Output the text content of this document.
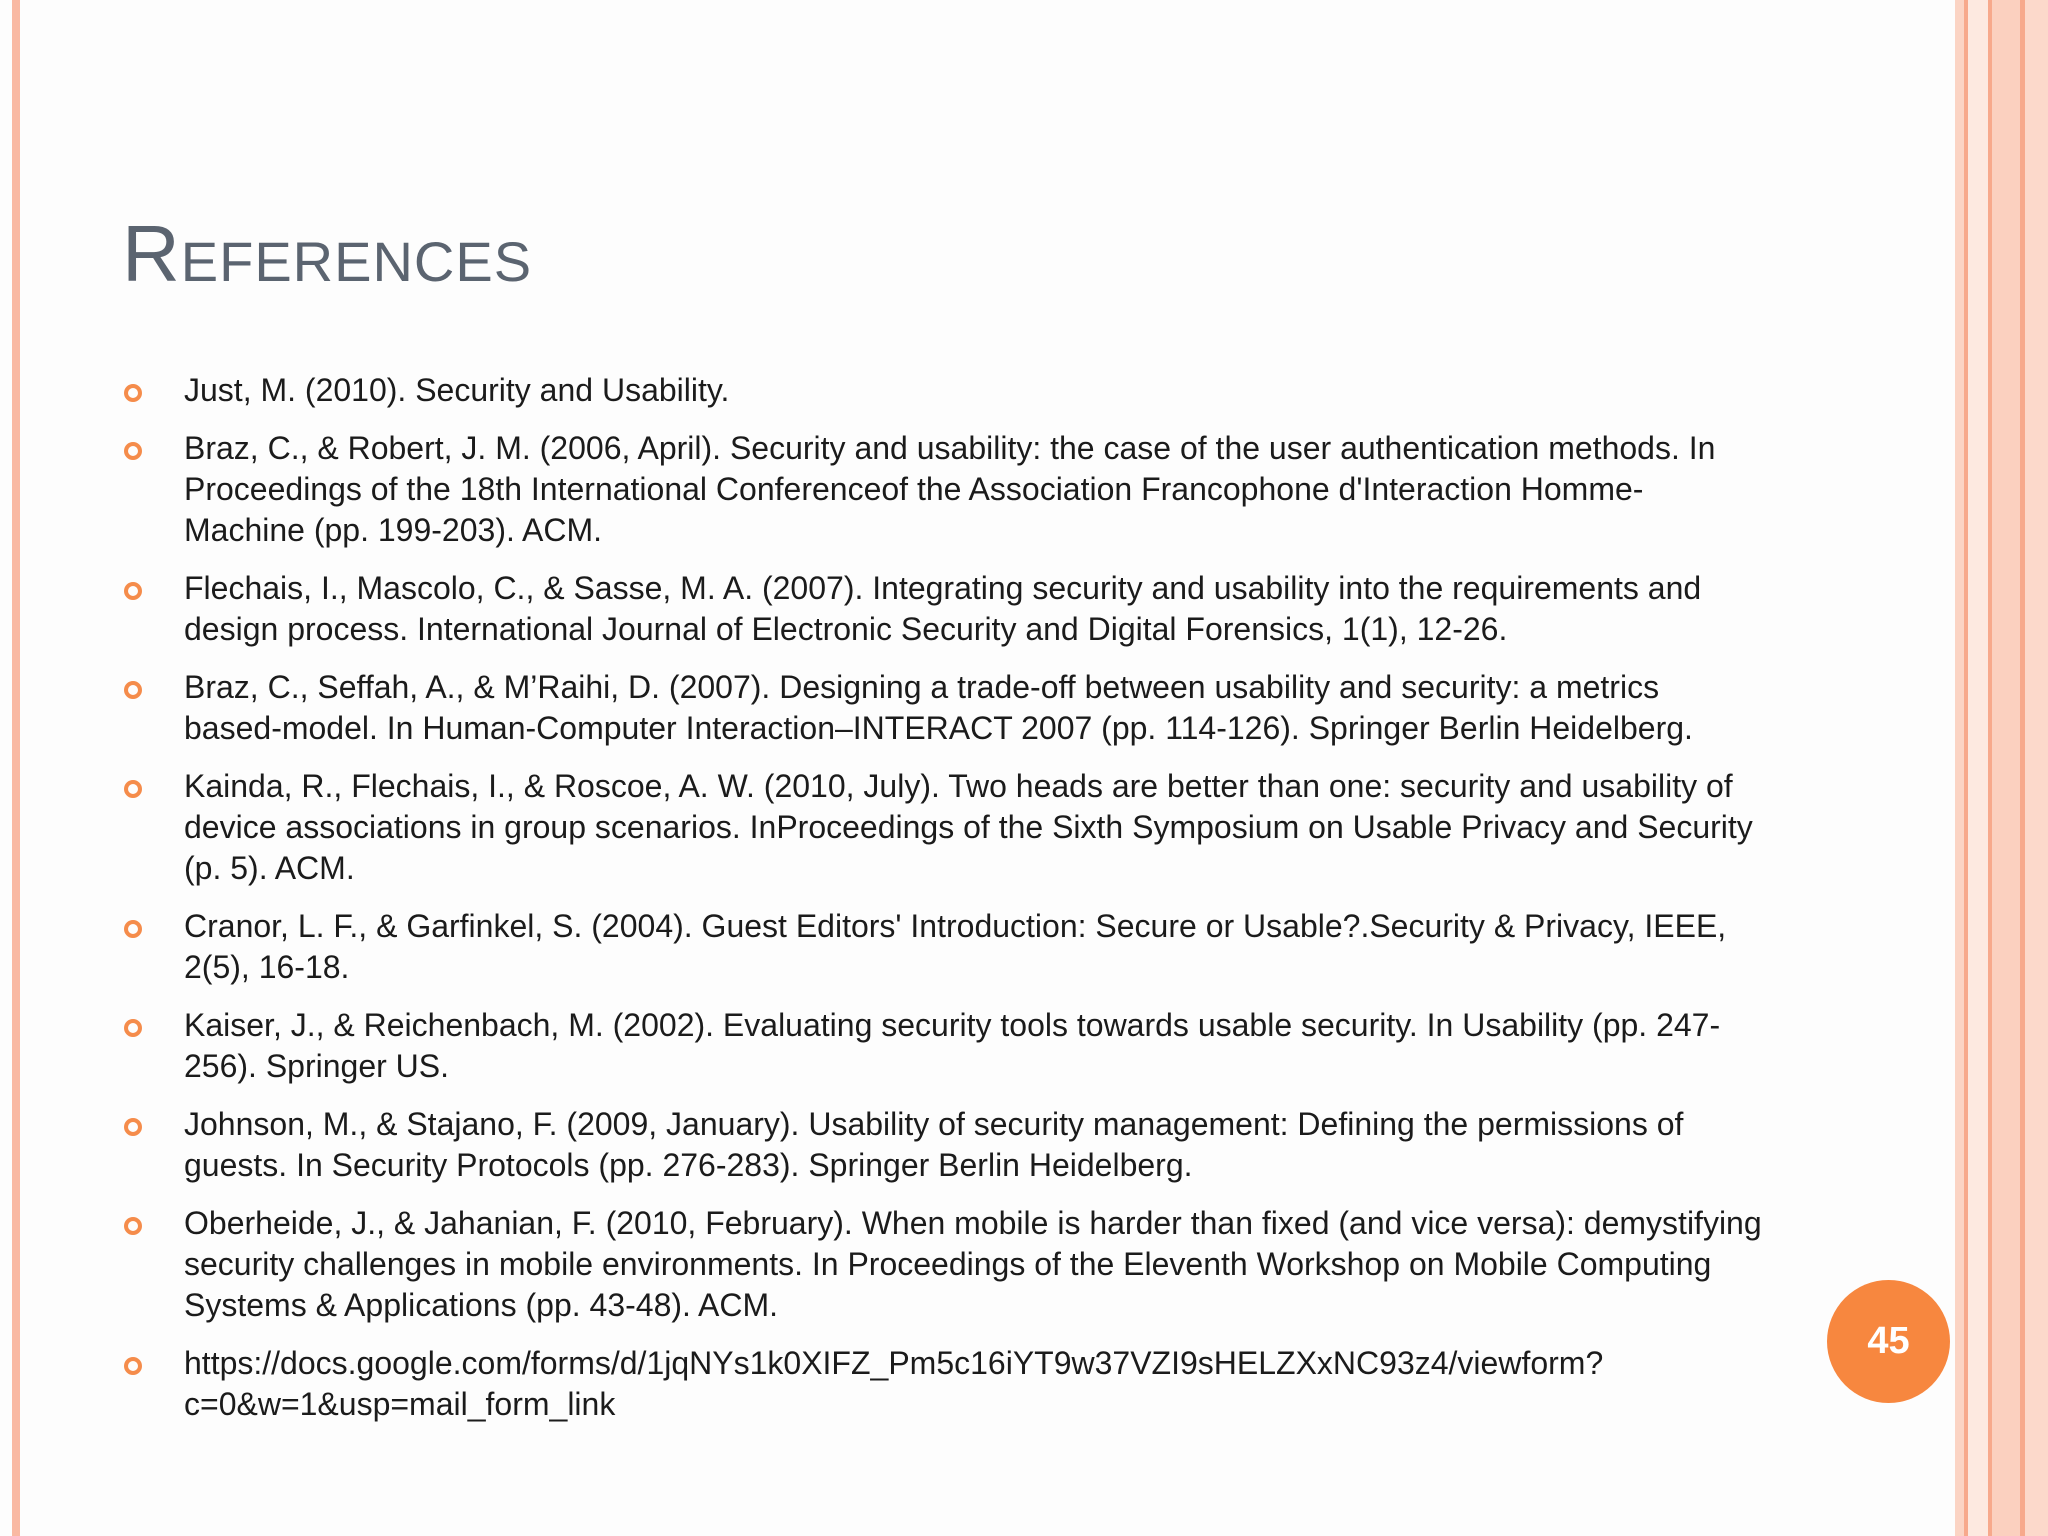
References
Just, M. (2010). Security and Usability.
Braz, C., & Robert, J. M. (2006, April). Security and usability: the case of the user authentication methods. In Proceedings of the 18th International Conferenceof the Association Francophone d'Interaction Homme-Machine (pp. 199-203). ACM.
Flechais, I., Mascolo, C., & Sasse, M. A. (2007). Integrating security and usability into the requirements and design process. International Journal of Electronic Security and Digital Forensics, 1(1), 12-26.
Braz, C., Seffah, A., & M’Raihi, D. (2007). Designing a trade-off between usability and security: a metrics based-model. In Human-Computer Interaction–INTERACT 2007 (pp. 114-126). Springer Berlin Heidelberg.
Kainda, R., Flechais, I., & Roscoe, A. W. (2010, July). Two heads are better than one: security and usability of device associations in group scenarios. InProceedings of the Sixth Symposium on Usable Privacy and Security (p. 5). ACM.
Cranor, L. F., & Garfinkel, S. (2004). Guest Editors' Introduction: Secure or Usable?.Security & Privacy, IEEE, 2(5), 16-18.
Kaiser, J., & Reichenbach, M. (2002). Evaluating security tools towards usable security. In Usability (pp. 247-256). Springer US.
Johnson, M., & Stajano, F. (2009, January). Usability of security management: Defining the permissions of guests. In Security Protocols (pp. 276-283). Springer Berlin Heidelberg.
Oberheide, J., & Jahanian, F. (2010, February). When mobile is harder than fixed (and vice versa): demystifying security challenges in mobile environments. In Proceedings of the Eleventh Workshop on Mobile Computing Systems & Applications (pp. 43-48). ACM.
https://docs.google.com/forms/d/1jqNYs1k0XIFZ_Pm5c16iYT9w37VZI9sHELZXxNC93z4/viewform?c=0&w=1&usp=mail_form_link
45
